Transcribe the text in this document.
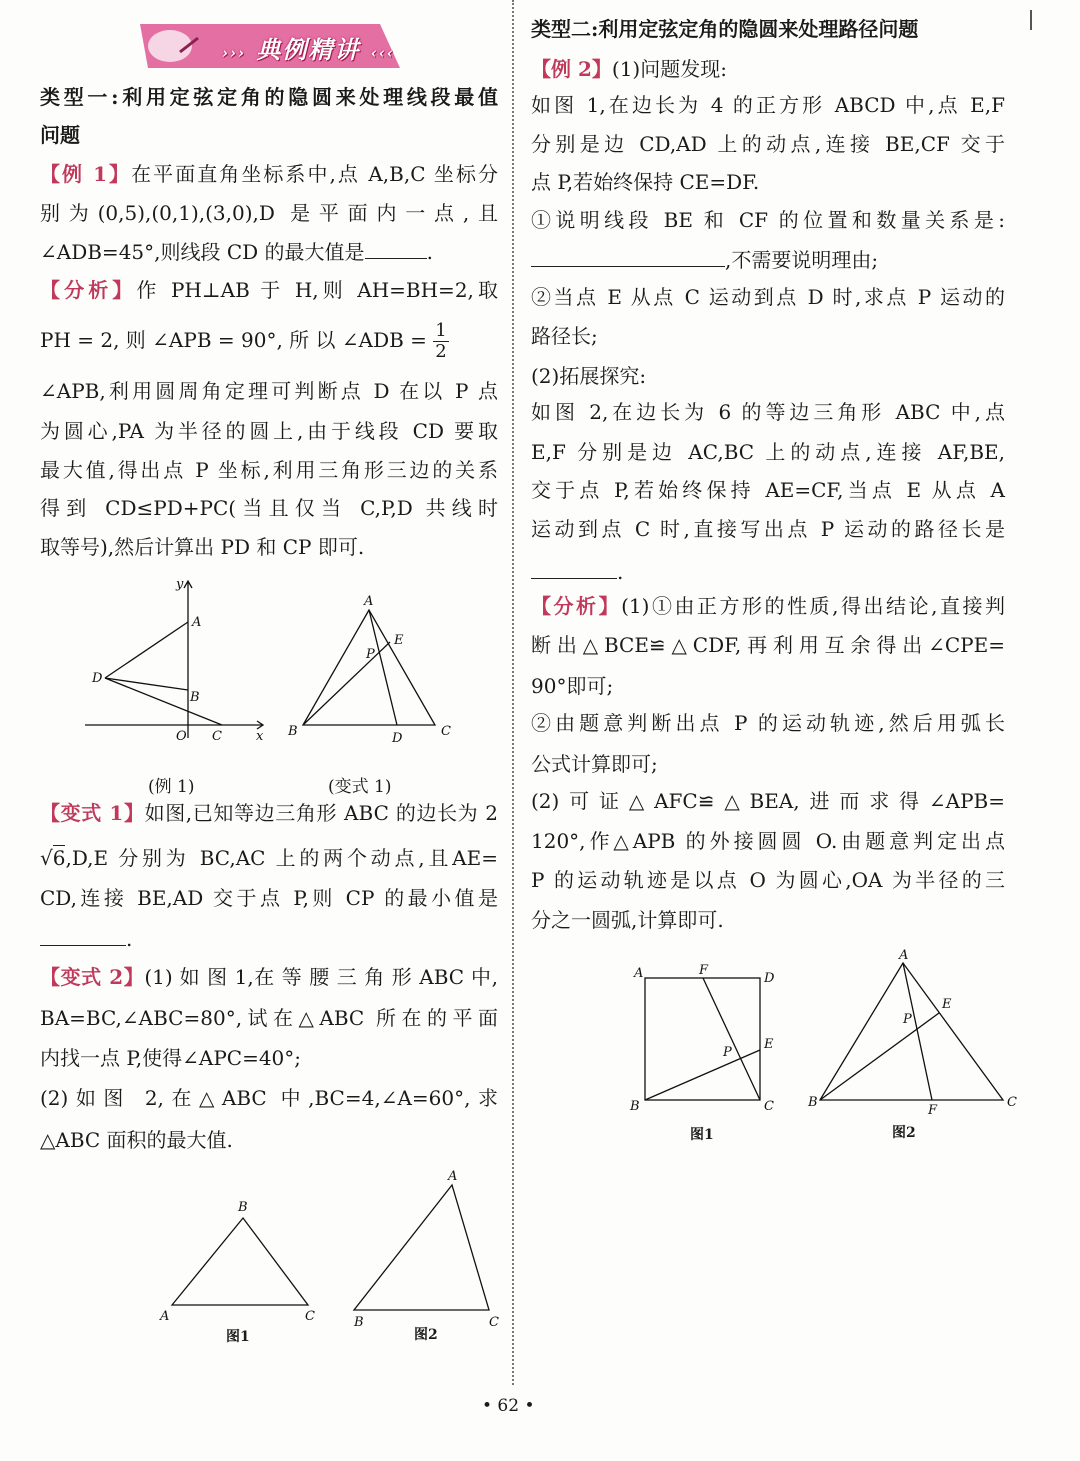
››› 典例精讲 ‹‹‹
类型一:利用定弦定角的隐圆来处理线段最值
问题
【例 1】在平面直角坐标系中,点 A,B,C 坐标分
别为(0,5),(0,1),(3,0),D 是平面内一点,且
∠ADB=45°,则线段 CD 的最大值是	.
【分析】作 PH⊥AB 于 H,则 AH=BH=2,取
PH = 2, 则 ∠APB = 90°, 所 以 ∠ADB = $\frac{1}{2}$
∠APB,利用圆周角定理可判断点 D 在以 P 点
为圆心,PA 为半径的圆上,由于线段 CD 要取
最大值,得出点 P 坐标,利用三角形三边的关系
得到 CD≤PD+PC(当且仅当 C,P,D 共线时
取等号),然后计算出 PD 和 CP 即可.
y
A
D
B
O C	x
A
E
P
B	D	C
(例 1)	(变式 1)
【变式 1】如图,已知等边三角形 ABC 的边长为 2
√6,D,E 分别为 BC,AC 上的两个动点,且AE=
CD,连接 BE,AD 交于点 P,则 CP 的最小值是
.
【变式 2】(1) 如 图 1,在 等 腰 三 角 形 ABC 中,
BA=BC,∠ABC=80°,试在△ABC 所在的平面
内找一点 P,使得∠APC=40°;
(2)如图 2,在△ABC 中,BC=4,∠A=60°,求
△ABC 面积的最大值.
A
B
C
A
B	C
图1	图2
类型二:利用定弦定角的隐圆来处理路径问题
【例 2】(1)问题发现:
如图 1,在边长为 4 的正方形 ABCD 中,点 E,F
分别是边 CD,AD 上的动点,连接 BE,CF 交于
点 P,若始终保持 CE=DF.
①说明线段 BE 和 CF 的位置和数量关系是:
,不需要说明理由;
②当点 E 从点 C 运动到点 D 时,求点 P 运动的
路径长;
(2)拓展探究:
如图 2,在边长为 6 的等边三角形 ABC 中,点
E,F 分别是边 AC,BC 上的动点,连接 AF,BE,
交于点 P,若始终保持 AE=CF,当点 E 从点 A
运动到点 C 时,直接写出点 P 运动的路径长是
.
【分析】(1)①由正方形的性质,得出结论,直接判
断出△BCE≌△CDF,再利用互余得出∠CPE=
90°即可;
②由题意判断出点 P 的运动轨迹,然后用弧长
公式计算即可;
(2)可证△AFC≌△BEA,进而求得∠APB=
120°,作△APB 的外接圆圆 O.由题意判定出点
P 的运动轨迹是以点 O 为圆心,OA 为半径的三
分之一圆弧,计算即可.
A	F
D
P
E
B	C
A
P
E
B
F
C
图1	图2
• 62 •
